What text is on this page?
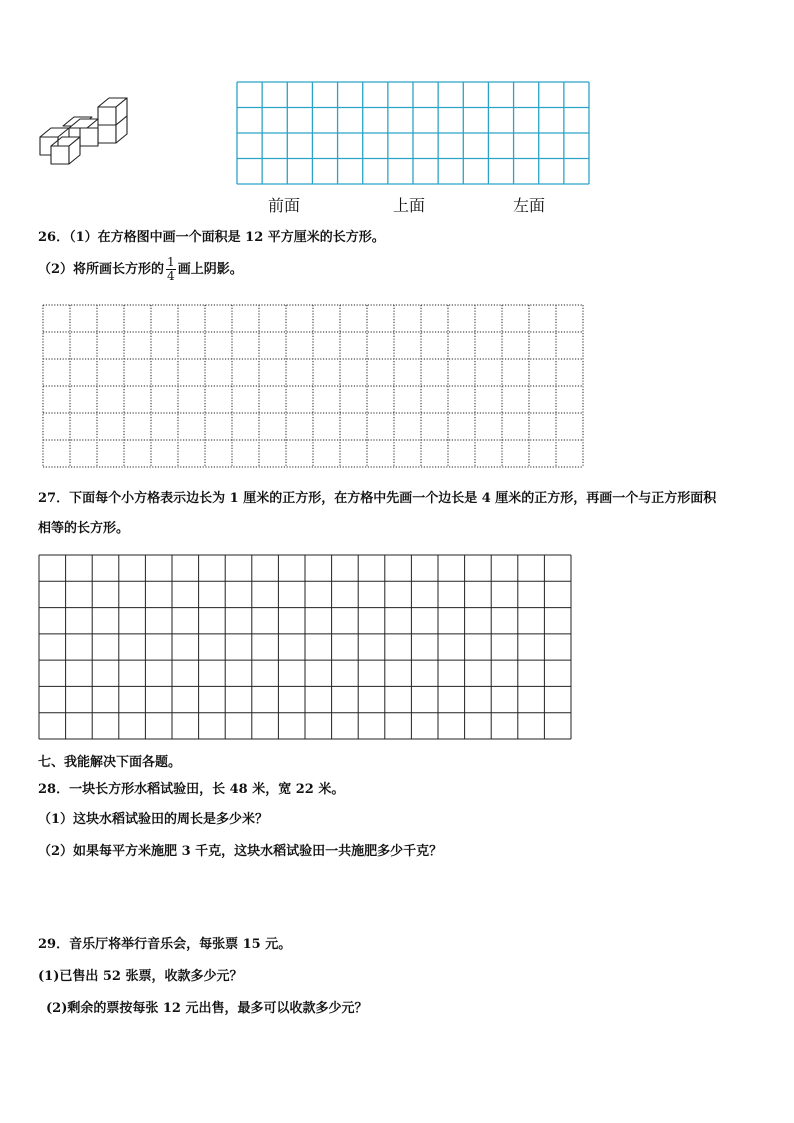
前面	上面	左面
26．（1）在方格图中画一个面积是 12 平方厘米的长方形。
（2）将所画长方形的 $\frac{1}{4}$ 画上阴影。
27．下面每个小方格表示边长为 1 厘米的正方形，在方格中先画一个边长是 4 厘米的正方形，再画一个与正方形面积
相等的长方形。
七、我能解决下面各题。
28．一块长方形水稻试验田，长 48 米，宽 22 米。
（1）这块水稻试验田的周长是多少米？
（2）如果每平方米施肥 3 千克，这块水稻试验田一共施肥多少千克？
29．音乐厅将举行音乐会，每张票 15 元。
(1)已售出 52 张票，收款多少元？
(2)剩余的票按每张 12 元出售，最多可以收款多少元？
